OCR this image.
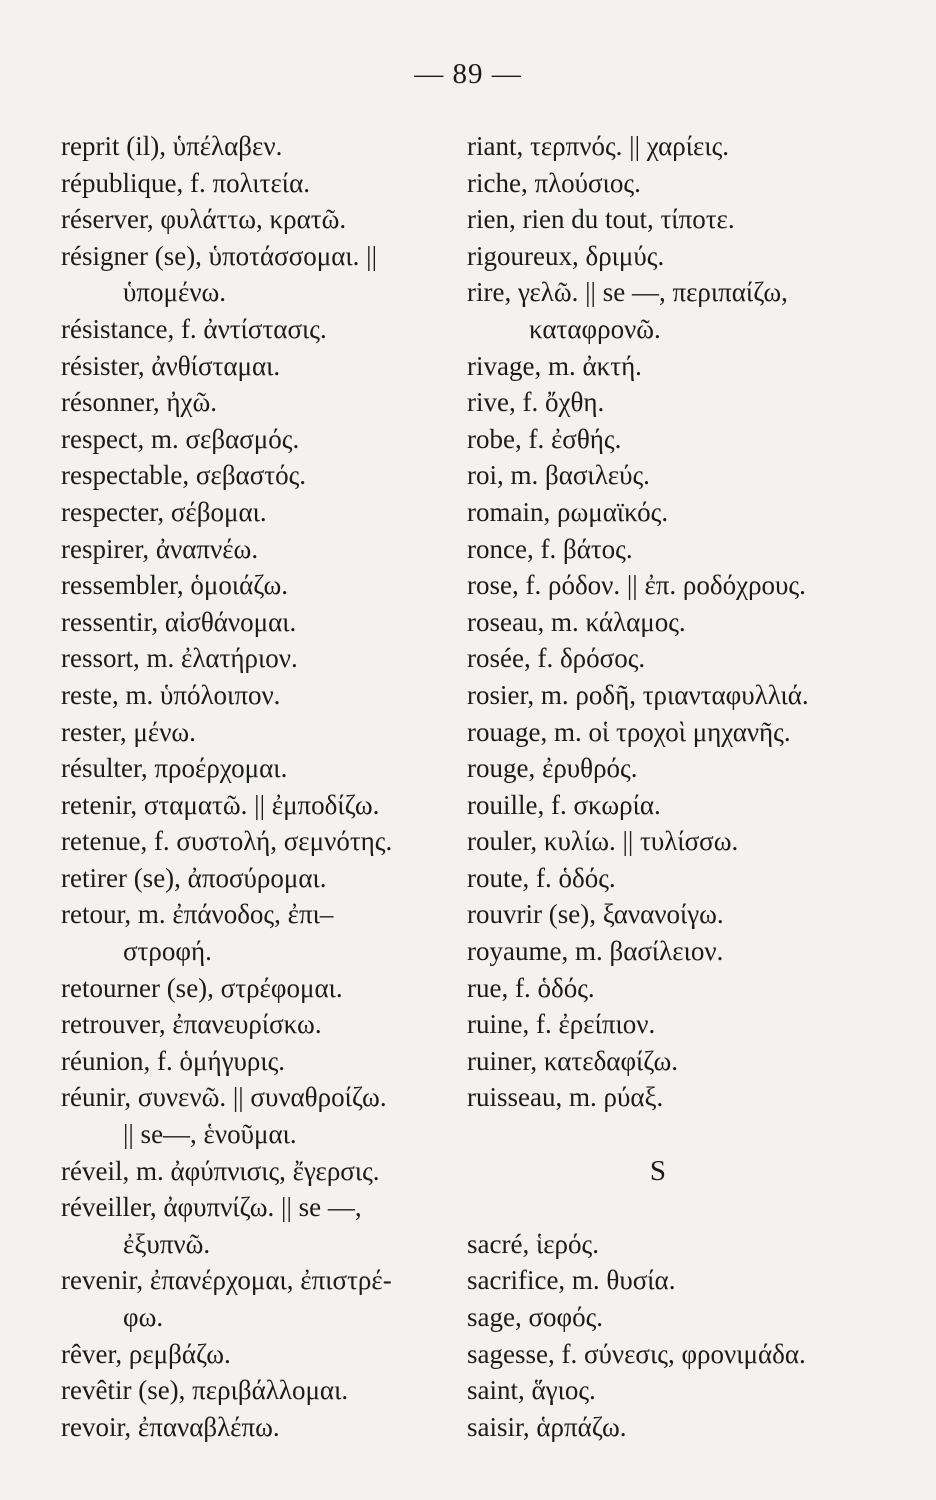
— 89 —
reprit (il), ὑπέλαβεν.
république, f. πολιτεία.
réserver, φυλάττω, κρατῶ.
résigner (se), ὑποτάσσομαι. ||
ὑπομένω.
résistance, f. ἀντίστασις.
résister, ἀνθίσταμαι.
résonner, ἠχῶ.
respect, m. σεβασμός.
respectable, σεβαστός.
respecter, σέβομαι.
respirer, ἀναπνέω.
ressembler, ὁμοιάζω.
ressentir, αἰσθάνομαι.
ressort, m. ἐλατήριον.
reste, m. ὑπόλοιπον.
rester, μένω.
résulter, προέρχομαι.
retenir, σταματῶ. || ἐμποδίζω.
retenue, f. συστολή, σεμνότης.
retirer (se), ἀποσύρομαι.
retour, m. ἐπάνοδος, ἐπι–
στροφή.
retourner (se), στρέφομαι.
retrouver, ἐπανευρίσκω.
réunion, f. ὁμήγυρις.
réunir, συνενῶ. || συναθροίζω.
|| se—, ἑνοῦμαι.
réveil, m. ἀφύπνισις, ἔγερσις.
réveiller, ἀφυπνίζω. || se —,
ἐξυπνῶ.
revenir, ἐπανέρχομαι, ἐπιστρέ-
φω.
rêver, ρεμβάζω.
revêtir (se), περιβάλλομαι.
revoir, ἐπαναβλέπω.
riant, τερπνός. || χαρίεις.
riche, πλούσιος.
rien, rien du tout, τίποτε.
rigoureux, δριμύς.
rire, γελῶ. || se —, περιπαίζω,
καταφρονῶ.
rivage, m. ἀκτή.
rive, f. ὄχθη.
robe, f. ἐσθής.
roi, m. βασιλεύς.
romain, ρωμαϊκός.
ronce, f. βάτος.
rose, f. ρόδον. || ἐπ. ροδόχρους.
roseau, m. κάλαμος.
rosée, f. δρόσος.
rosier, m. ροδῆ, τριανταφυλλιά.
rouage, m. οἱ τροχοὶ μηχανῆς.
rouge, ἐρυθρός.
rouille, f. σκωρία.
rouler, κυλίω. || τυλίσσω.
route, f. ὁδός.
rouvrir (se), ξανανοίγω.
royaume, m. βασίλειον.
rue, f. ὁδός.
ruine, f. ἐρείπιον.
ruiner, κατεδαφίζω.
ruisseau, m. ρύαξ.
S
sacré, ἱερός.
sacrifice, m. θυσία.
sage, σοφός.
sagesse, f. σύνεσις, φρονιμάδα.
saint, ἅγιος.
saisir, ἁρπάζω.
